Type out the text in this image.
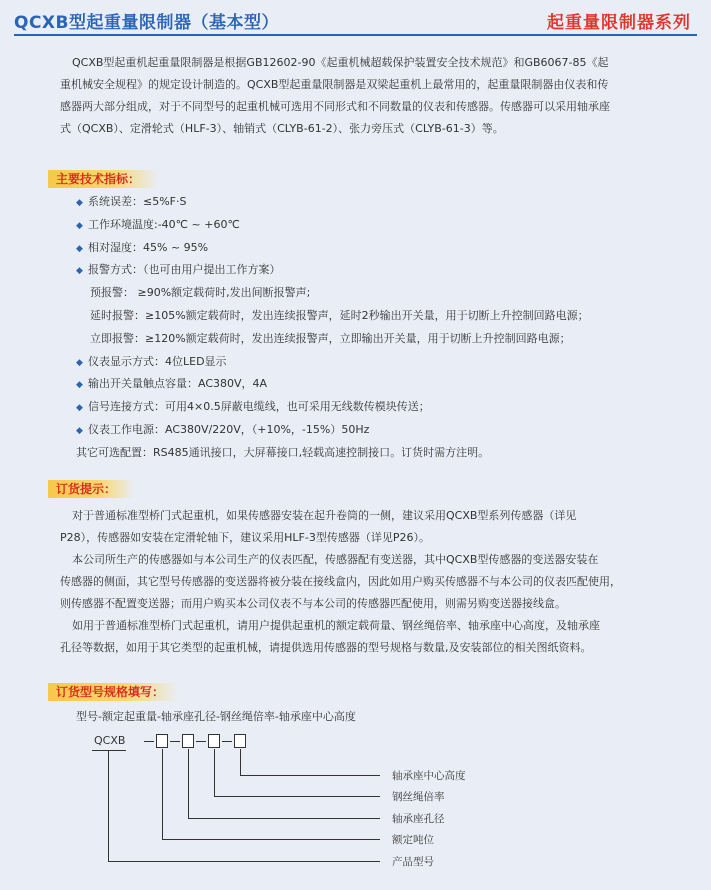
QCXB型起重量限制器（基本型）	起重量限制器系列
QCXB型起重机起重量限制器是根据GB12602-90《起重机械超载保护装置安全技术规范》和GB6067-85《起
重机械安全规程》的规定设计制造的。QCXB型起重量限制器是双梁起重机上最常用的，起重量限制器由仪表和传
感器两大部分组成，对于不同型号的起重机械可选用不同形式和不同数量的仪表和传感器。传感器可以采用轴承座
式（QCXB）、定滑轮式（HLF-3）、轴销式（CLYB-61-2）、张力旁压式（CLYB-61-3）等。
主要技术指标：
◆ 系统误差：≤5%F·S
◆ 工作环境温度:-40℃ ~ +60℃
◆ 相对湿度：45% ~ 95%
◆ 报警方式：（也可由用户提出工作方案）
预报警： ≥90%额定载荷时,发出间断报警声;
延时报警：≥105%额定载荷时，发出连续报警声，延时2秒输出开关量，用于切断上升控制回路电源；
立即报警：≥120%额定载荷时，发出连续报警声，立即输出开关量，用于切断上升控制回路电源；
◆ 仪表显示方式：4位LED显示
◆ 输出开关量触点容量：AC380V，4A
◆ 信号连接方式：可用4×0.5屏蔽电缆线，也可采用无线数传模块传送；
◆ 仪表工作电源：AC380V/220V，（+10%，-15%）50Hz
其它可选配置：RS485通讯接口，大屏幕接口,轻载高速控制接口。订货时需方注明。
订货提示：
对于普通标准型桥门式起重机，如果传感器安装在起升卷筒的一侧，建议采用QCXB型系列传感器（详见
P28），传感器如安装在定滑轮轴下，建议采用HLF-3型传感器（详见P26）。
本公司所生产的传感器如与本公司生产的仪表匹配，传感器配有变送器，其中QCXB型传感器的变送器安装在
传感器的侧面，其它型号传感器的变送器将被分装在接线盒内，因此如用户购买传感器不与本公司的仪表匹配使用，
则传感器不配置变送器；而用户购买本公司仪表不与本公司的传感器匹配使用，则需另购变送器接线盒。
如用于普通标准型桥门式起重机，请用户提供起重机的额定载荷量、钢丝绳倍率、轴承座中心高度，及轴承座
孔径等数据，如用于其它类型的起重机械，请提供选用传感器的型号规格与数量,及安装部位的相关图纸资料。
订货型号规格填写：
型号-额定起重量-轴承座孔径-钢丝绳倍率-轴承座中心高度
QCXB
轴承座中心高度
钢丝绳倍率
轴承座孔径
额定吨位
产品型号
